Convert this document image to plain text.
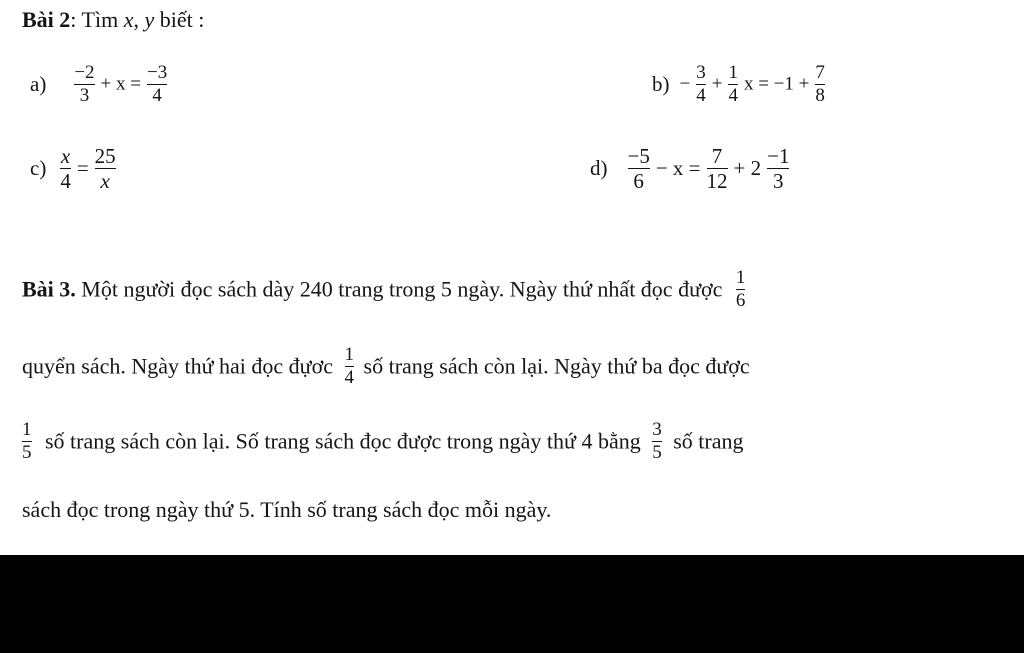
Bài 2: Tìm x, y biết :
$a) \frac{-2}{3} + x = \frac{-3}{4}$	$b) - \frac{3}{4} + \frac{1}{4}$ $x = -1 + \frac{7}{8}$
$c) \frac{x}{4} = \frac{25}{x}$	$d) \frac{-5}{6} - x = \frac{7}{12} + 2 \frac{-1}{3}$
Bài 3. Một người đọc sách dày 240 trang trong 5 ngày. Ngày thứ nhất đọc được $\frac{1}{6}$
quyển sách. Ngày thứ hai đọc đựơc $\frac{1}{4}$ số trang sách còn lại. Ngày thứ ba đọc được
$\frac{1}{5}$ số trang sách còn lại. Số trang sách đọc được trong ngày thứ 4 bằng $\frac{3}{5}$ số trang
sách đọc trong ngày thứ 5. Tính số trang sách đọc mỗi ngày.
